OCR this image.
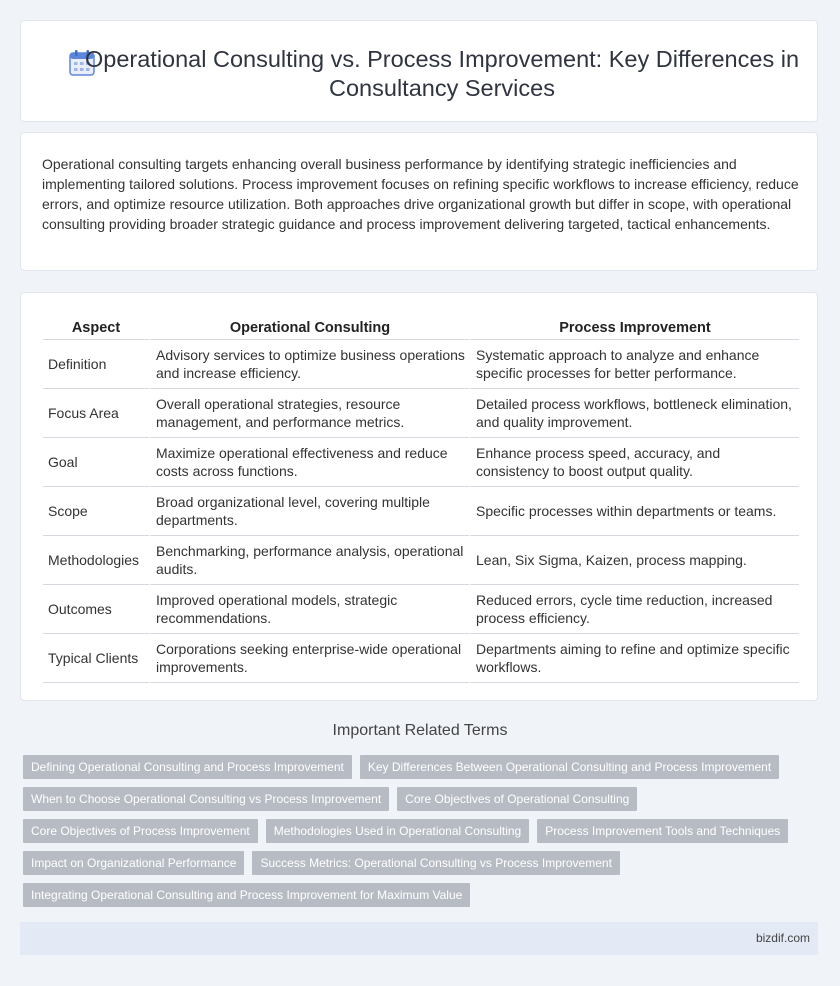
Operational Consulting vs. Process Improvement: Key Differences in Consultancy Services

Operational consulting targets enhancing overall business performance by identifying strategic inefficiencies and implementing tailored solutions. Process improvement focuses on refining specific workflows to increase efficiency, reduce errors, and optimize resource utilization. Both approaches drive organizational growth but differ in scope, with operational consulting providing broader strategic guidance and process improvement delivering targeted, tactical enhancements.

Aspect	Operational Consulting	Process Improvement
Definition	Advisory services to optimize business operations and increase efficiency.	Systematic approach to analyze and enhance specific processes for better performance.
Focus Area	Overall operational strategies, resource management, and performance metrics.	Detailed process workflows, bottleneck elimination, and quality improvement.
Goal	Maximize operational effectiveness and reduce costs across functions.	Enhance process speed, accuracy, and consistency to boost output quality.
Scope	Broad organizational level, covering multiple departments.	Specific processes within departments or teams.
Methodologies	Benchmarking, performance analysis, operational audits.	Lean, Six Sigma, Kaizen, process mapping.
Outcomes	Improved operational models, strategic recommendations.	Reduced errors, cycle time reduction, increased process efficiency.
Typical Clients	Corporations seeking enterprise-wide operational improvements.	Departments aiming to refine and optimize specific workflows.
Important Related Terms
Defining Operational Consulting and Process Improvement	Key Differences Between Operational Consulting and Process Improvement
When to Choose Operational Consulting vs Process Improvement	Core Objectives of Operational Consulting
Core Objectives of Process Improvement	Methodologies Used in Operational Consulting	Process Improvement Tools and Techniques
Impact on Organizational Performance	Success Metrics: Operational Consulting vs Process Improvement
Integrating Operational Consulting and Process Improvement for Maximum Value
bizdif.com
